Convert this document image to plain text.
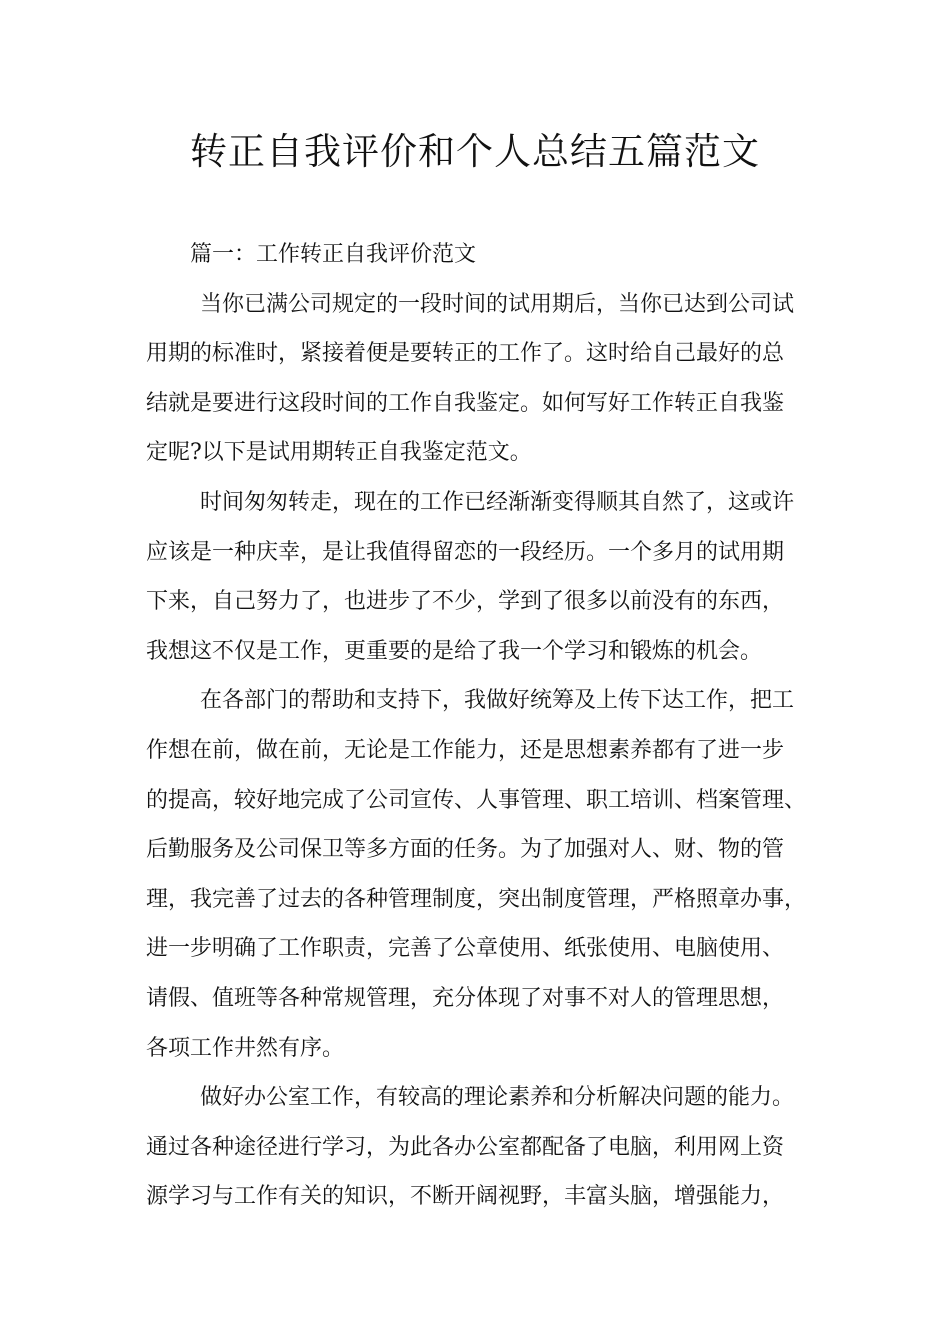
转正自我评价和个人总结五篇范文
篇一：工作转正自我评价范文
当你已满公司规定的一段时间的试用期后，当你已达到公司试
用期的标准时，紧接着便是要转正的工作了。这时给自己最好的总
结就是要进行这段时间的工作自我鉴定。如何写好工作转正自我鉴
定呢?以下是试用期转正自我鉴定范文。
时间匆匆转走，现在的工作已经渐渐变得顺其自然了，这或许
应该是一种庆幸，是让我值得留恋的一段经历。一个多月的试用期
下来，自己努力了，也进步了不少，学到了很多以前没有的东西，
我想这不仅是工作，更重要的是给了我一个学习和锻炼的机会。
在各部门的帮助和支持下，我做好统筹及上传下达工作，把工
作想在前，做在前，无论是工作能力，还是思想素养都有了进一步
的提高，较好地完成了公司宣传、人事管理、职工培训、档案管理、
后勤服务及公司保卫等多方面的任务。为了加强对人、财、物的管
理，我完善了过去的各种管理制度，突出制度管理，严格照章办事，
进一步明确了工作职责，完善了公章使用、纸张使用、电脑使用、
请假、值班等各种常规管理，充分体现了对事不对人的管理思想，
各项工作井然有序。
做好办公室工作，有较高的理论素养和分析解决问题的能力。
通过各种途径进行学习，为此各办公室都配备了电脑，利用网上资
源学习与工作有关的知识，不断开阔视野，丰富头脑，增强能力，
